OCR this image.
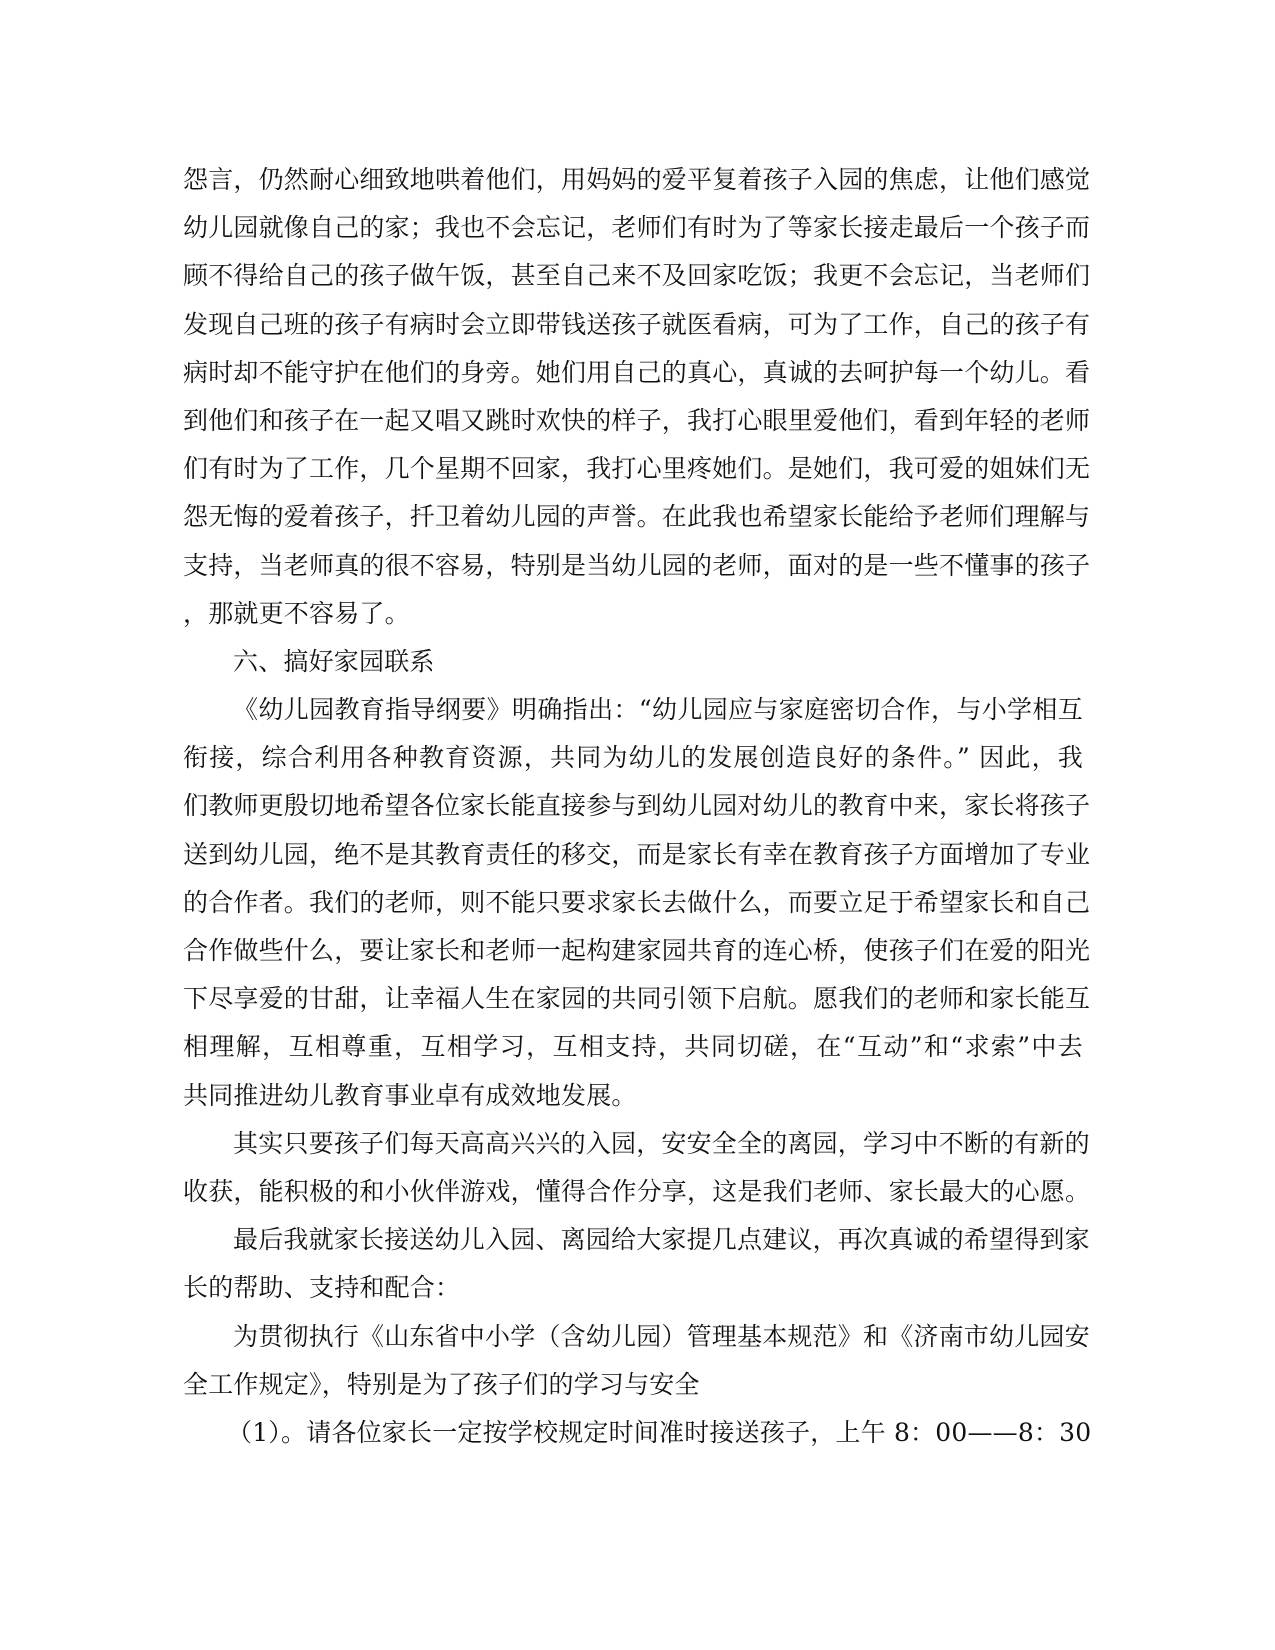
怨言，仍然耐心细致地哄着他们，用妈妈的爱平复着孩子入园的焦虑，让他们感觉
幼儿园就像自己的家；我也不会忘记，老师们有时为了等家长接走最后一个孩子而
顾不得给自己的孩子做午饭，甚至自己来不及回家吃饭；我更不会忘记，当老师们
发现自己班的孩子有病时会立即带钱送孩子就医看病，可为了工作，自己的孩子有
病时却不能守护在他们的身旁。她们用自己的真心，真诚的去呵护每一个幼儿。看
到他们和孩子在一起又唱又跳时欢快的样子，我打心眼里爱他们，看到年轻的老师
们有时为了工作，几个星期不回家，我打心里疼她们。是她们，我可爱的姐妹们无
怨无悔的爱着孩子，扦卫着幼儿园的声誉。在此我也希望家长能给予老师们理解与
支持，当老师真的很不容易，特别是当幼儿园的老师，面对的是一些不懂事的孩子
，那就更不容易了。
六、搞好家园联系
《幼儿园教育指导纲要》明确指出：“幼儿园应与家庭密切合作，与小学相互
衔接，综合利用各种教育资源，共同为幼儿的发展创造良好的条件。” 因此，我
们教师更殷切地希望各位家长能直接参与到幼儿园对幼儿的教育中来，家长将孩子
送到幼儿园，绝不是其教育责任的移交，而是家长有幸在教育孩子方面增加了专业
的合作者。我们的老师，则不能只要求家长去做什么，而要立足于希望家长和自己
合作做些什么，要让家长和老师一起构建家园共育的连心桥，使孩子们在爱的阳光
下尽享爱的甘甜，让幸福人生在家园的共同引领下启航。愿我们的老师和家长能互
相理解，互相尊重，互相学习，互相支持，共同切磋，在“互动”和“求索”中去
共同推进幼儿教育事业卓有成效地发展。
其实只要孩子们每天高高兴兴的入园，安安全全的离园，学习中不断的有新的
收获，能积极的和小伙伴游戏，懂得合作分享，这是我们老师、家长最大的心愿。
最后我就家长接送幼儿入园、离园给大家提几点建议，再次真诚的希望得到家
长的帮助、支持和配合：
为贯彻执行《山东省中小学（含幼儿园）管理基本规范》和《济南市幼儿园安
全工作规定》，特别是为了孩子们的学习与安全
（1）。请各位家长一定按学校规定时间准时接送孩子，上午 8：00——8：30
